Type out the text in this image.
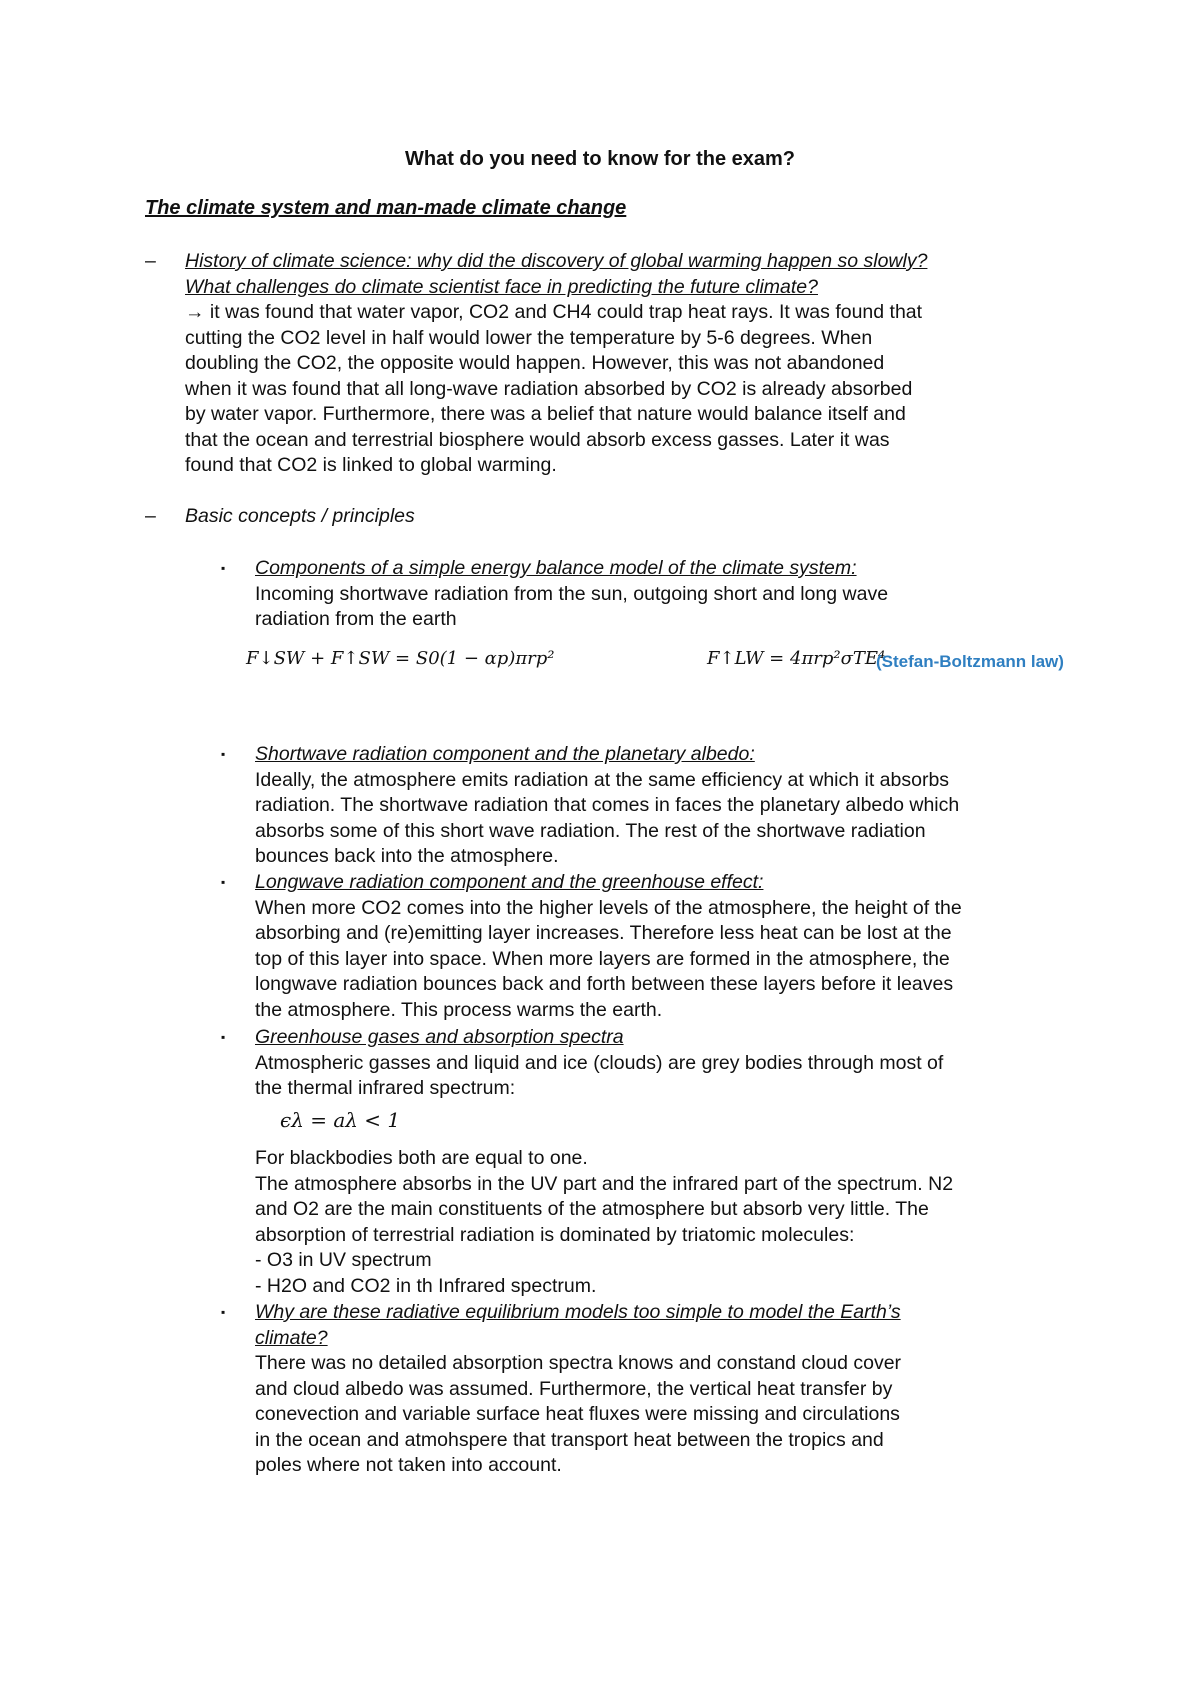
What do you need to know for the exam?
The climate system and man-made climate change
– History of climate science: why did the discovery of global warming happen so slowly?
What challenges do climate scientist face in predicting the future climate?
→ it was found that water vapor, CO2 and CH4 could trap heat rays. It was found that
cutting the CO2 level in half would lower the temperature by 5-6 degrees. When
doubling the CO2, the opposite would happen. However, this was not abandoned
when it was found that all long-wave radiation absorbed by CO2 is already absorbed
by water vapor. Furthermore, there was a belief that nature would balance itself and
that the ocean and terrestrial biosphere would absorb excess gasses. Later it was
found that CO2 is linked to global warming.
– Basic concepts / principles
▪ Components of a simple energy balance model of the climate system:
Incoming shortwave radiation from the sun, outgoing short and long wave
radiation from the earth
F↓SW + F↑SW = S0(1 − αp)πrp²	F↑LW = 4πrp²σTE⁴
(Stefan-Boltzmann law)
▪ Shortwave radiation component and the planetary albedo:
Ideally, the atmosphere emits radiation at the same efficiency at which it absorbs
radiation. The shortwave radiation that comes in faces the planetary albedo which
absorbs some of this short wave radiation. The rest of the shortwave radiation
bounces back into the atmosphere.
▪ Longwave radiation component and the greenhouse effect:
When more CO2 comes into the higher levels of the atmosphere, the height of the
absorbing and (re)emitting layer increases. Therefore less heat can be lost at the
top of this layer into space. When more layers are formed in the atmosphere, the
longwave radiation bounces back and forth between these layers before it leaves
the atmosphere. This process warms the earth.
▪ Greenhouse gases and absorption spectra
Atmospheric gasses and liquid and ice (clouds) are grey bodies through most of
the thermal infrared spectrum:
ϵλ = aλ < 1
For blackbodies both are equal to one.
The atmosphere absorbs in the UV part and the infrared part of the spectrum. N2
and O2 are the main constituents of the atmosphere but absorb very little. The
absorption of terrestrial radiation is dominated by triatomic molecules:
- O3 in UV spectrum
- H2O and CO2 in th Infrared spectrum.
▪ Why are these radiative equilibrium models too simple to model the Earth’s
climate?
There was no detailed absorption spectra knows and constand cloud cover
and cloud albedo was assumed. Furthermore, the vertical heat transfer by
conevection and variable surface heat fluxes were missing and circulations
in the ocean and atmohspere that transport heat between the tropics and
poles where not taken into account.
